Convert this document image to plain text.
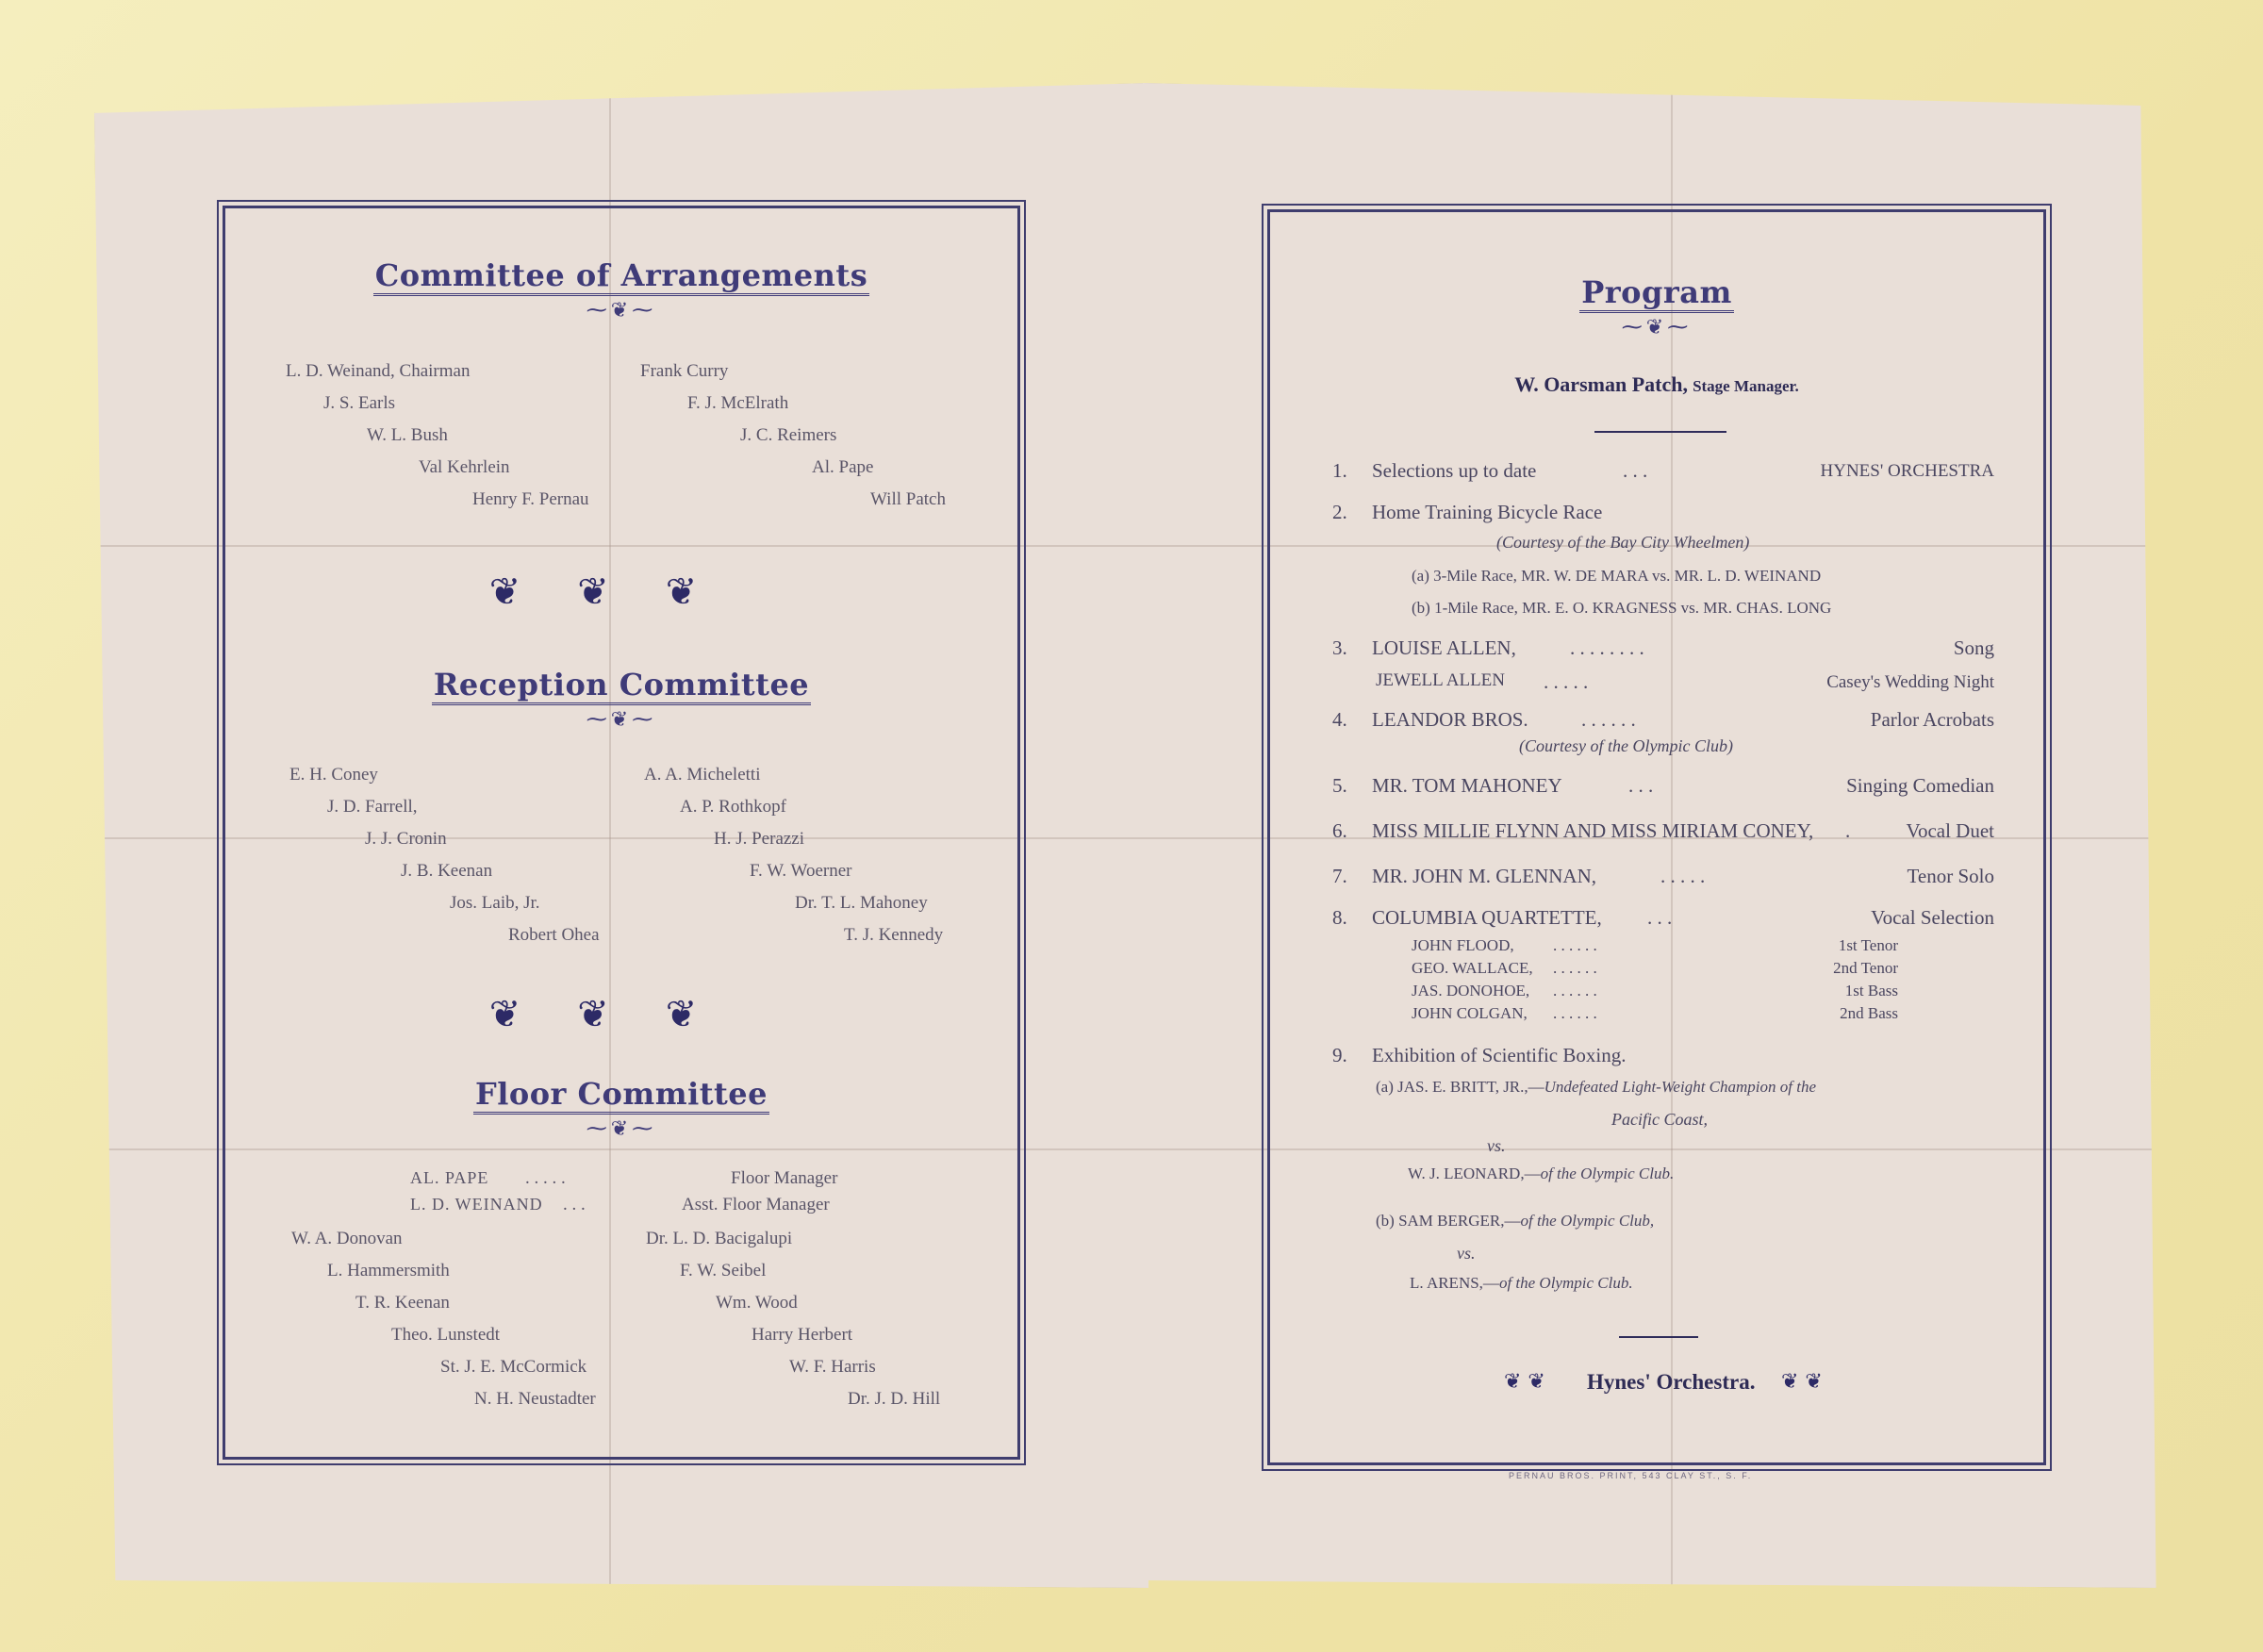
Committee of Arrangements
⁓❦⁓
L. D. Weinand, Chairman
J. S. Earls
W. L. Bush
Val Kehrlein
Henry F. Pernau
Frank Curry
F. J. McElrath
J. C. Reimers
Al. Pape
Will Patch
❦❦❦
Reception Committee
⁓❦⁓
E. H. Coney
J. D. Farrell,
J. J. Cronin
J. B. Keenan
Jos. Laib, Jr.
Robert Ohea
A. A. Micheletti
A. P. Rothkopf
H. J. Perazzi
F. W. Woerner
Dr. T. L. Mahoney
T. J. Kennedy
❦❦❦
Floor Committee
⁓❦⁓
AL. PAPE . . . . .	Floor Manager
L. D. WEINAND . . .	Asst. Floor Manager
W. A. Donovan
L. Hammersmith
T. R. Keenan
Theo. Lunstedt
St. J. E. McCormick
N. H. Neustadter
Dr. L. D. Bacigalupi
F. W. Seibel
Wm. Wood
Harry Herbert
W. F. Harris
Dr. J. D. Hill
Program
⁓❦⁓
W. Oarsman Patch, Stage Manager.
1. Selections up to date	. . .	HYNES' ORCHESTRA
2. Home Training Bicycle Race
(Courtesy of the Bay City Wheelmen)
(a) 3-Mile Race, MR. W. DE MARA vs. MR. L. D. WEINAND
(b) 1-Mile Race, MR. E. O. KRAGNESS vs. MR. CHAS. LONG
3. LOUISE ALLEN,	. . . . . . . .	Song
JEWELL ALLEN . . . . .	Casey's Wedding Night
4. LEANDOR BROS.	. . . . . .	Parlor Acrobats
(Courtesy of the Olympic Club)
5. MR. TOM MAHONEY	. . .	Singing Comedian
6. MISS MILLIE FLYNN AND MISS MIRIAM CONEY, .	Vocal Duet
7. MR. JOHN M. GLENNAN,	. . . . .	Tenor Solo
8. COLUMBIA QUARTETTE, . . .	Vocal Selection
JOHN FLOOD, . . . . . .	1st Tenor
GEO. WALLACE, . . . . . .	2nd Tenor
JAS. DONOHOE, . . . . . .	1st Bass
JOHN COLGAN, . . . . . .	2nd Bass
9. Exhibition of Scientific Boxing.
(a) JAS. E. BRITT, JR.,—Undefeated Light-Weight Champion of the
Pacific Coast,
vs.
W. J. LEONARD,—of the Olympic Club.
(b) SAM BERGER,—of the Olympic Club,
vs.
L. ARENS,—of the Olympic Club.
❦ ❦ Hynes' Orchestra. ❦ ❦
PERNAU BROS. PRINT, 543 CLAY ST., S. F.
